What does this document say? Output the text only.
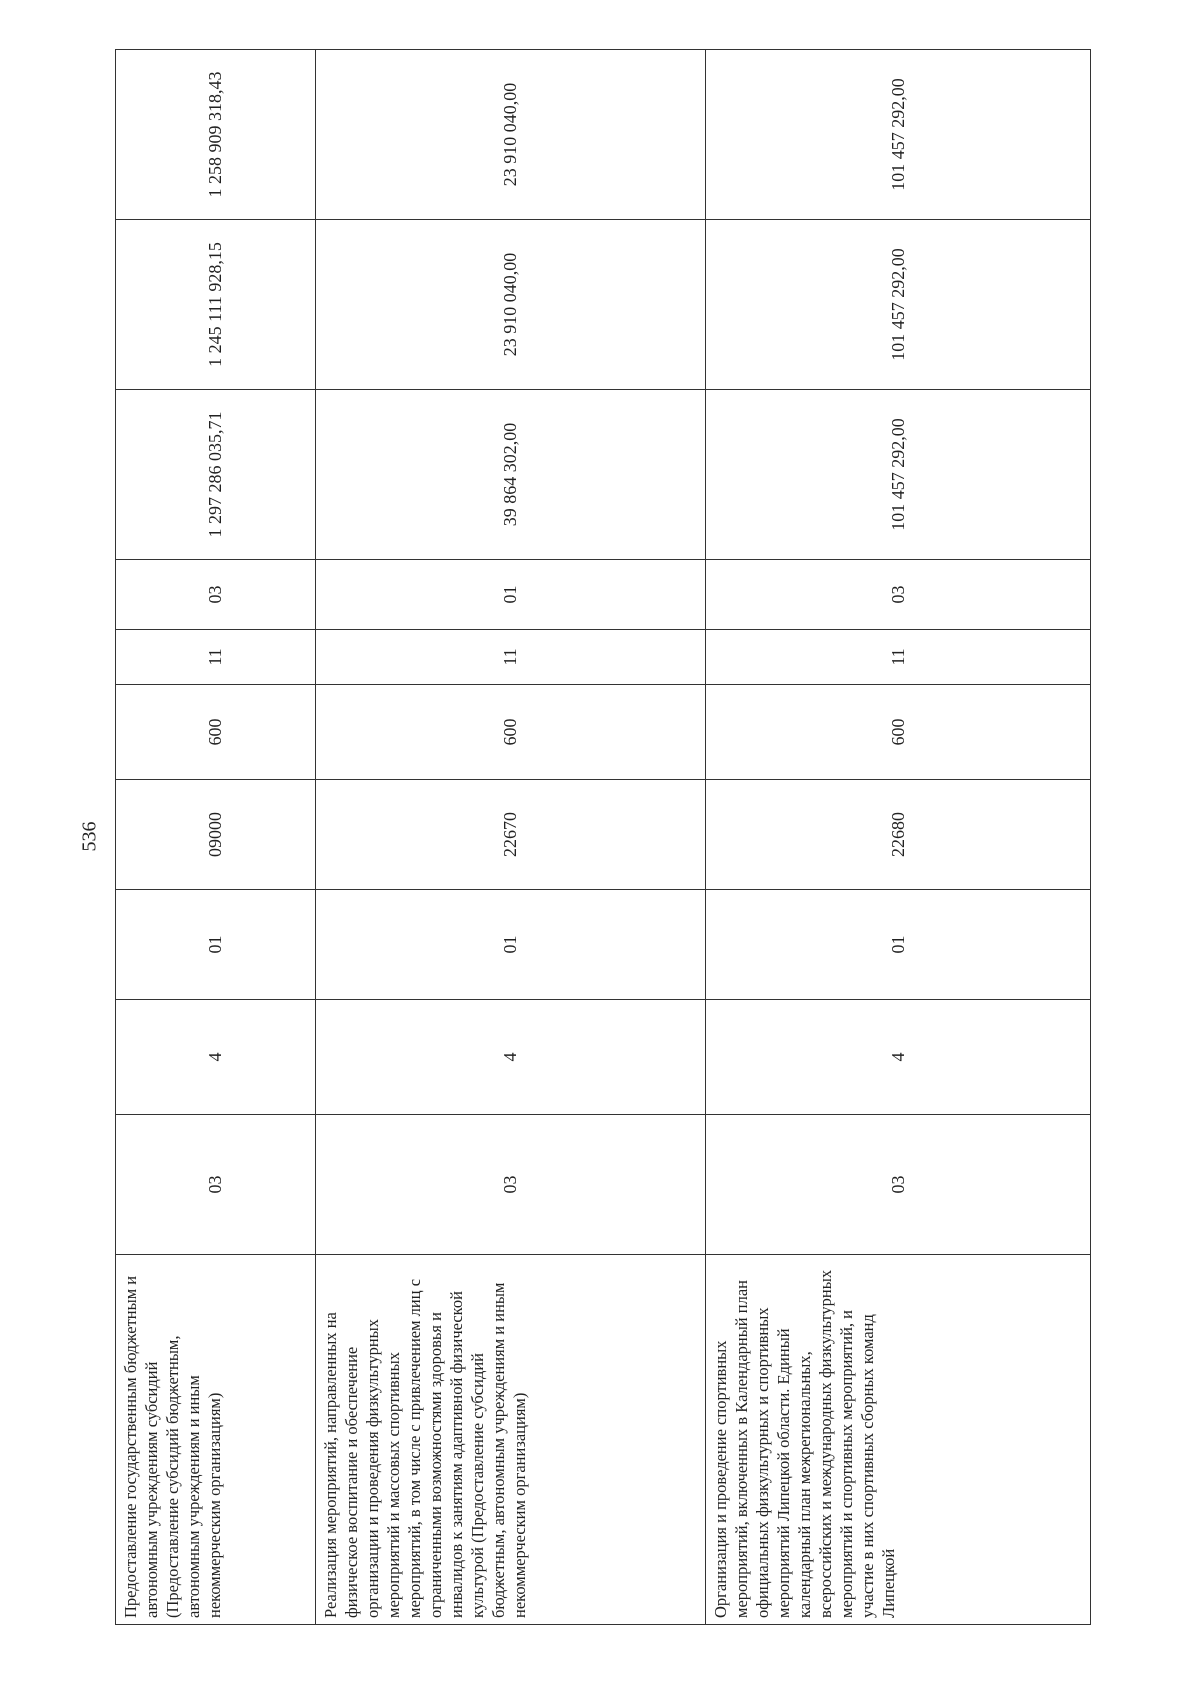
536
Предоставление государственным бюджетным и автономным учреждениям субсидий (Предоставление субсидий бюджетным, автономным учреждениям и иным некоммерческим организациям)	03	4	01	09000	600	11	03	1 297 286 035,71	1 245 111 928,15	1 258 909 318,43
Реализация мероприятий, направленных на физическое воспитание и обеспечение организации и проведения физкультурных мероприятий и массовых спортивных мероприятий, в том числе с привлечением лиц с ограниченными возможностями здоровья и инвалидов к занятиям адаптивной физической культурой (Предоставление субсидий бюджетным, автономным учреждениям и иным некоммерческим организациям)	03	4	01	22670	600	11	01	39 864 302,00	23 910 040,00	23 910 040,00
Организация и проведение спортивных мероприятий, включенных в Календарный план официальных физкультурных и спортивных мероприятий Липецкой области. Единый календарный план межрегиональных, всероссийских и международных физкультурных мероприятий и спортивных мероприятий, и участие в них спортивных сборных команд Липецкой	03	4	01	22680	600	11	03	101 457 292,00	101 457 292,00	101 457 292,00
